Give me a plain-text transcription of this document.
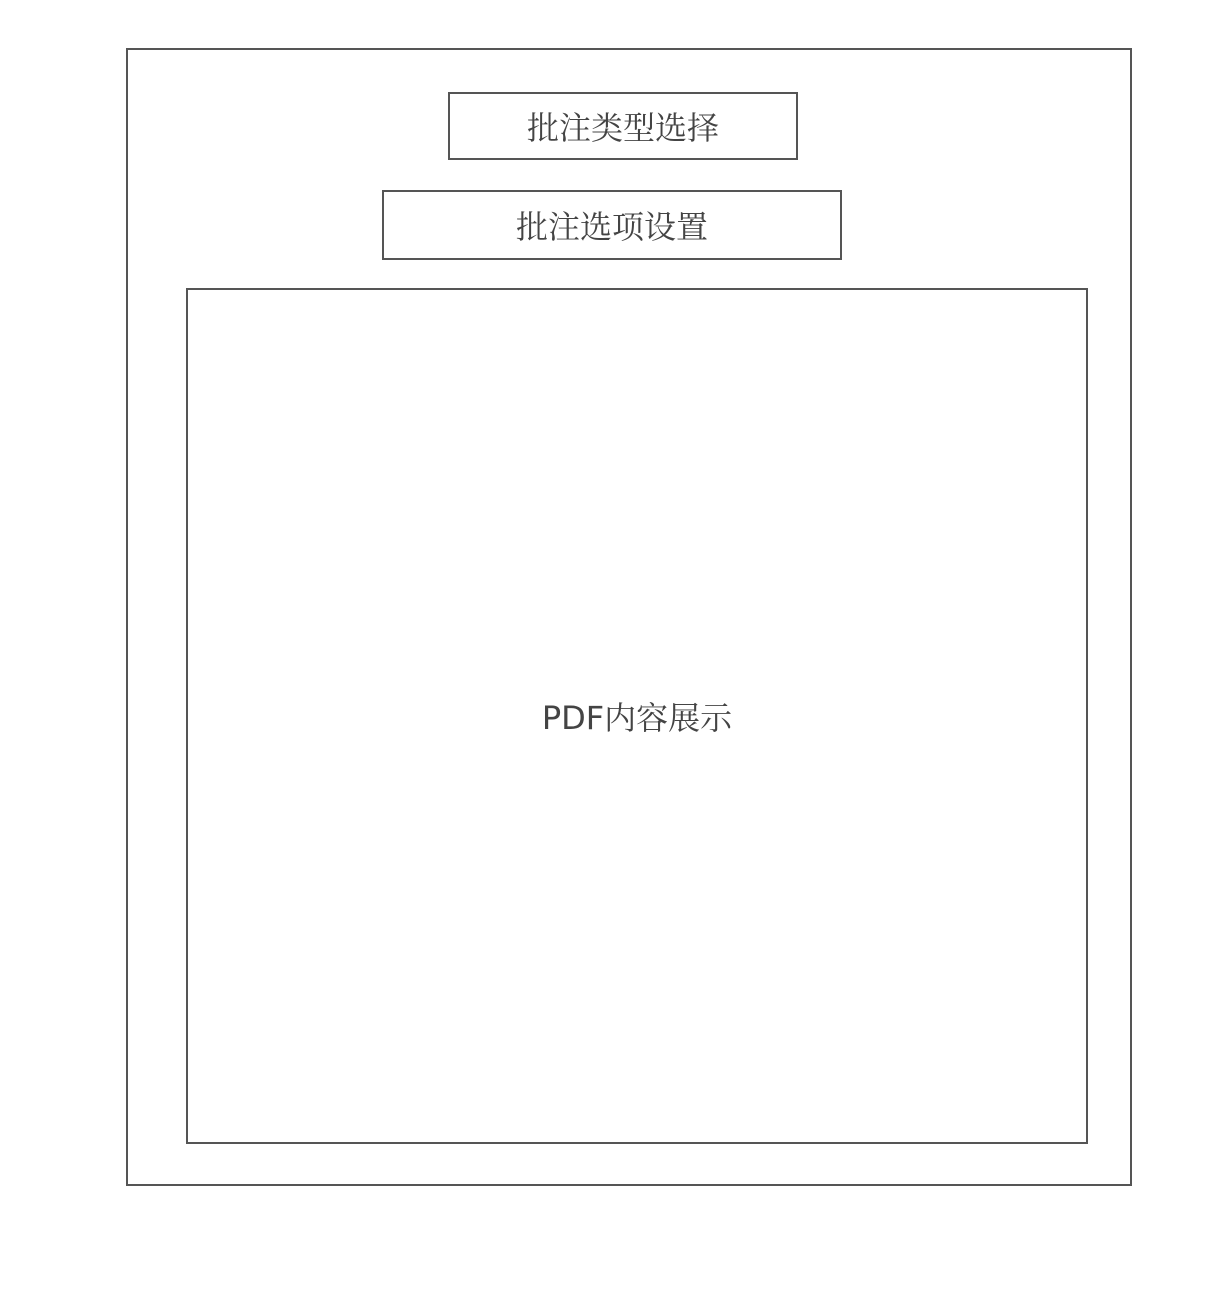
批注类型选择
批注选项设置
PDF内容展示
